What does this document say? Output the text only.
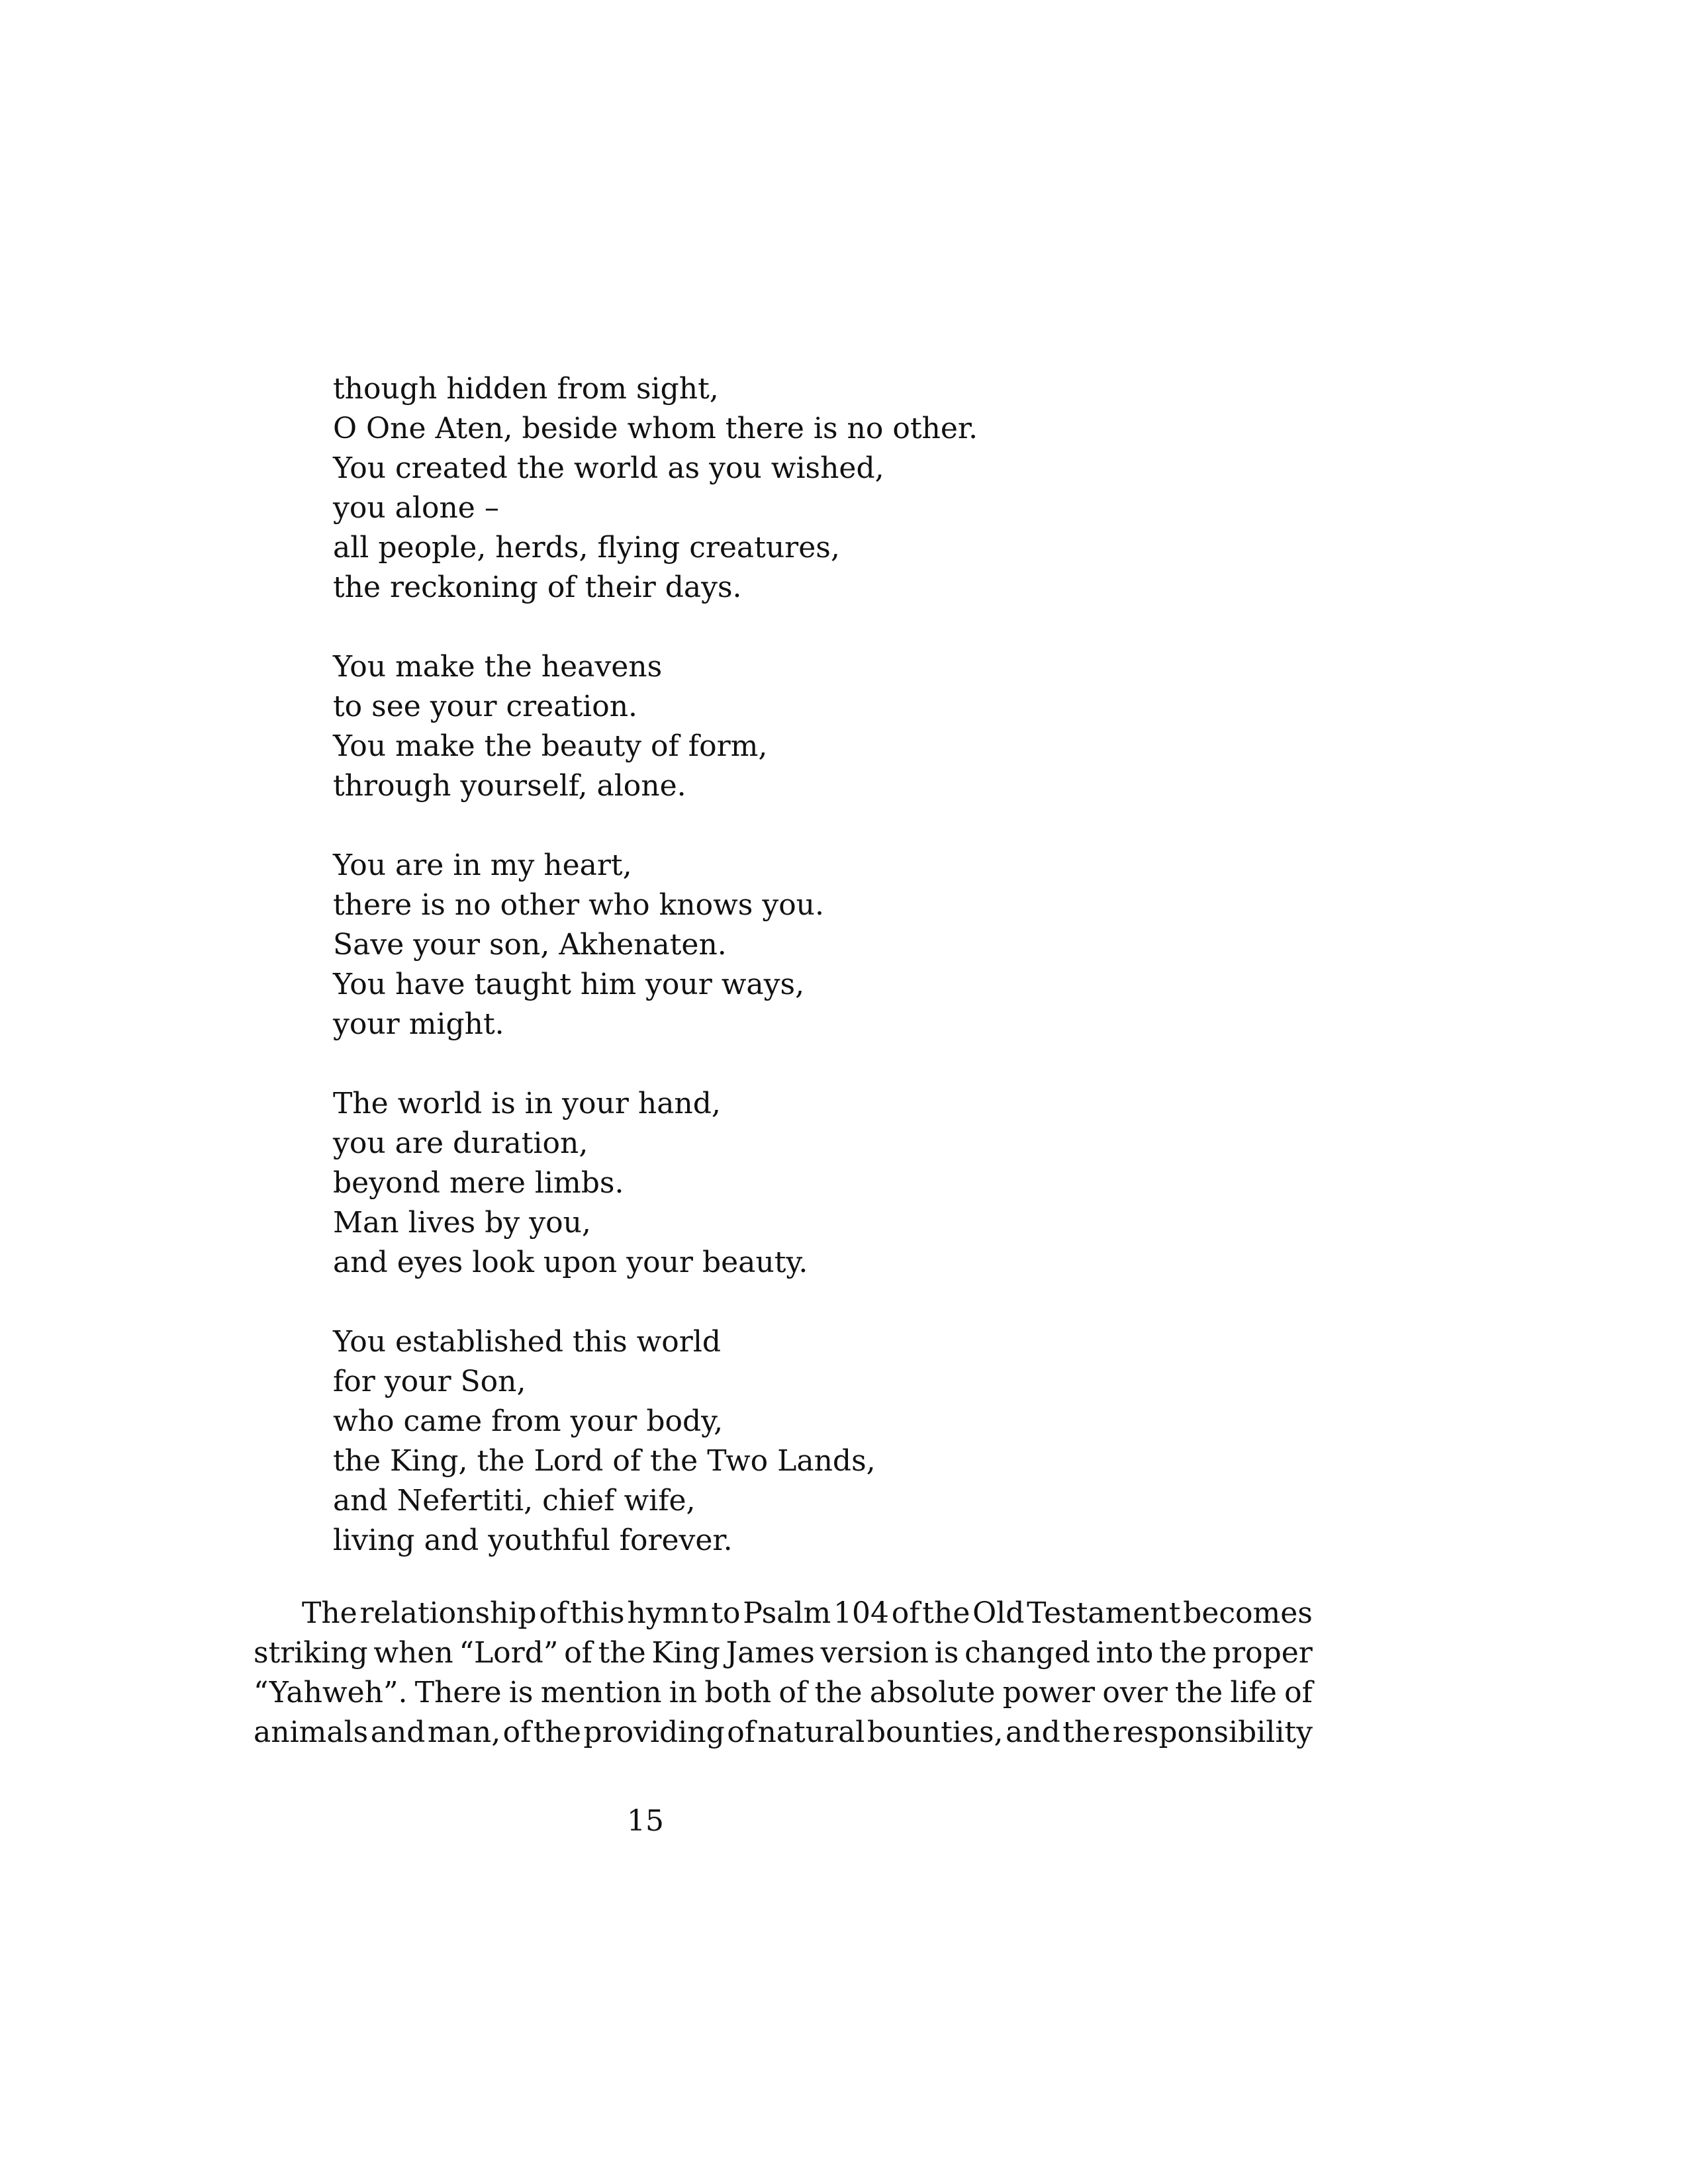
though hidden from sight,
O One Aten, beside whom there is no other.
You created the world as you wished,
you alone –
all people, herds, flying creatures,
the reckoning of their days.
You make the heavens
to see your creation.
You make the beauty of form,
through yourself, alone.
You are in my heart,
there is no other who knows you.
Save your son, Akhenaten.
You have taught him your ways,
your might.
The world is in your hand,
you are duration,
beyond mere limbs.
Man lives by you,
and eyes look upon your beauty.
You established this world
for your Son,
who came from your body,
the King, the Lord of the Two Lands,
and Nefertiti, chief wife,
living and youthful forever.
The relationship of this hymn to Psalm 104 of the Old Testament becomes
striking when “Lord” of the King James version is changed into the proper
“Yahweh”. There is mention in both of the absolute power over the life of
animals and man, of the providing of natural bounties, and the responsibility
15
